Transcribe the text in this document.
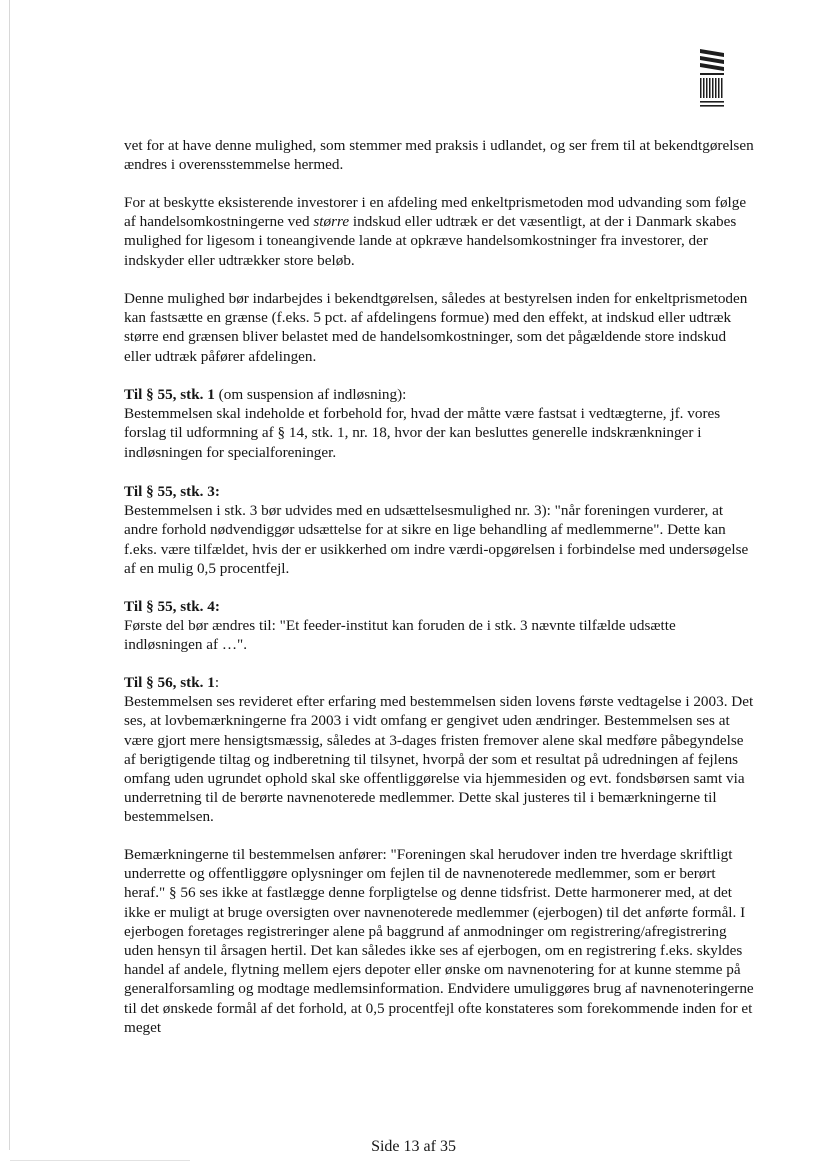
vet for at have denne mulighed, som stemmer med praksis i udlandet, og ser frem til at bekendtgørelsen ændres i overensstemmelse hermed.

For at beskytte eksisterende investorer i en afdeling med enkeltprismetoden mod udvanding som følge af handelsomkostningerne ved større indskud eller udtræk er det væsentligt, at der i Danmark skabes mulighed for ligesom i toneangivende lande at opkræve handelsomkostninger fra investorer, der indskyder eller udtrækker store beløb.

Denne mulighed bør indarbejdes i bekendtgørelsen, således at bestyrelsen inden for enkeltprismetoden kan fastsætte en grænse (f.eks. 5 pct. af afdelingens formue) med den effekt, at indskud eller udtræk større end grænsen bliver belastet med de handelsomkostninger, som det pågældende store indskud eller udtræk påfører afdelingen.

Til § 55, stk. 1 (om suspension af indløsning):

Bestemmelsen skal indeholde et forbehold for, hvad der måtte være fastsat i vedtægterne, jf. vores forslag til udformning af § 14, stk. 1, nr. 18, hvor der kan besluttes generelle indskrænkninger i indløsningen for specialforeninger.

Til § 55, stk. 3:

Bestemmelsen i stk. 3 bør udvides med en udsættelsesmulighed nr. 3): "når foreningen vurderer, at andre forhold nødvendiggør udsættelse for at sikre en lige behandling af medlemmerne". Dette kan f.eks. være tilfældet, hvis der er usikkerhed om indre værdi-opgørelsen i forbindelse med undersøgelse af en mulig 0,5 procentfejl.

Til § 55, stk. 4:

Første del bør ændres til: "Et feeder-institut kan foruden de i stk. 3 nævnte tilfælde udsætte indløsningen af …".

Til § 56, stk. 1:

Bestemmelsen ses revideret efter erfaring med bestemmelsen siden lovens første vedtagelse i 2003. Det ses, at lovbemærkningerne fra 2003 i vidt omfang er gengivet uden ændringer. Bestemmelsen ses at være gjort mere hensigtsmæssig, således at 3-dages fristen fremover alene skal medføre påbegyndelse af berigtigende tiltag og indberetning til tilsynet, hvorpå der som et resultat på udredningen af fejlens omfang uden ugrundet ophold skal ske offentliggørelse via hjemmesiden og evt. fondsbørsen samt via underretning til de berørte navnenoterede medlemmer. Dette skal justeres til i bemærkningerne til bestemmelsen.

Bemærkningerne til bestemmelsen anfører: "Foreningen skal herudover inden tre hverdage skriftligt underrette og offentliggøre oplysninger om fejlen til de navnenoterede medlemmer, som er berørt heraf." § 56 ses ikke at fastlægge denne forpligtelse og denne tidsfrist. Dette harmonerer med, at det ikke er muligt at bruge oversigten over navnenoterede medlemmer (ejerbogen) til det anførte formål. I ejerbogen foretages registreringer alene på baggrund af anmodninger om registrering/afregistrering uden hensyn til årsagen hertil. Det kan således ikke ses af ejerbogen, om en registrering f.eks. skyldes handel af andele, flytning mellem ejers depoter eller ønske om navnenotering for at kunne stemme på generalforsamling og modtage medlemsinformation. Endvidere umuliggøres brug af navnenoteringerne til det ønskede formål af det forhold, at 0,5 procentfejl ofte konstateres som forekommende inden for et meget

Side 13 af 35
